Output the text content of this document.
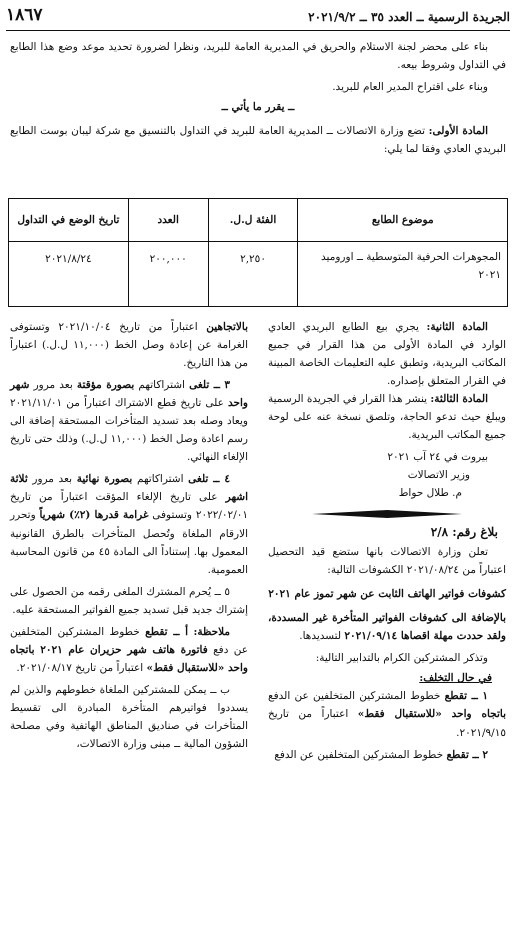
الجريدة الرسمية ــ العدد ٣٥ ــ ٢٠٢١/٩/٢
١٨٦٧

بناء على محضر لجنة الاستلام والحريق في المديرية العامة للبريد، ونظرا لضرورة تحديد موعد وضع هذا الطابع في التداول وشروط بيعه.

وبناء على اقتراح المدير العام للبريد.

ــ يقرر ما يأتي ــ

المادة الأولى: تضع وزارة الاتصالات ــ المديرية العامة للبريد في التداول بالتنسيق مع شركة ليبان بوست الطابع البريدي العادي وفقا لما يلي:

موضوع الطابع	الفئة ل.ل.	العدد	تاريخ الوضع في التداول
المجوهرات الحرفية المتوسطية ــ اوروميد ٢٠٢١	٢,٢٥٠	٢٠٠,٠٠٠	٢٠٢١/٨/٢٤

المادة الثانية: يجري بيع الطابع البريدي العادي الوارد في المادة الأولى من هذا القرار في جميع المكاتب البريدية، وتطبق عليه التعليمات الخاصة المبينة في القرار المتعلق بإصداره.

المادة الثالثة: ينشر هذا القرار في الجريدة الرسمية ويبلغ حيث تدعو الحاجة، وتلصق نسخة عنه على لوحة جميع المكاتب البريدية.

بيروت في ٢٤ آب ٢٠٢١

وزير الاتصالات

م. طلال حواط

بلاغ رقم: ٢/٨

تعلن وزارة الاتصالات بانها ستضع قيد التحصيل اعتباراً من ٢٠٢١/٠٨/٢٤ الكشوفات التالية:

كشوفات فواتير الهاتف الثابت عن شهر تموز عام ٢٠٢١

بالإضافة الى كشوفات الفواتير المتأخرة غير المسددة، ولقد حددت مهلة اقصاها ٢٠٢١/٠٩/١٤ لتسديدها.

وتذكر المشتركين الكرام بالتدابير التالية:

في حال التخلف:

١ ــ تقطع خطوط المشتركين المتخلفين عن الدفع باتجاه واحد «للاستقبال فقط» اعتباراً من تاريخ ٢٠٢١/٩/١٥.

٢ ــ تقطع خطوط المشتركين المتخلفين عن الدفع

بالاتجاهين اعتباراً من تاريخ ٢٠٢١/١٠/٠٤ وتستوفى الغرامة عن إعادة وصل الخط (١١,٠٠٠ ل.ل.) اعتباراً من هذا التاريخ.

٣ ــ تلغى اشتراكاتهم بصورة مؤقتة بعد مرور شهر واحد على تاريخ قطع الاشتراك اعتباراً من ٢٠٢١/١١/٠١ ويعاد وصله بعد تسديد المتأخرات المستحقة إضافة الى رسم اعادة وصل الخط (١١,٠٠٠ ل.ل.) وذلك حتى تاريخ الإلغاء النهائي.

٤ ــ تلغى اشتراكاتهم بصورة نهائية بعد مرور ثلاثة اشهر على تاريخ الإلغاء المؤقت اعتباراً من تاريخ ٢٠٢٢/٠٢/٠١ وتستوفى غرامة قدرها (٢٪) شهرياً وتحرر الارقام الملغاة وتُحصل المتأخرات بالطرق القانونية المعمول بها. إستناداً الى المادة ٤٥ من قانون المحاسبة العمومية.

٥ ــ يُحرم المشترك الملغى رقمه من الحصول على إشتراك جديد قبل تسديد جميع الفواتير المستحقة عليه.

ملاحظة: أ ــ تقطع خطوط المشتركين المتخلفين عن دفع فاتورة هاتف شهر حزيران عام ٢٠٢١ باتجاه واحد «للاستقبال فقط» اعتباراً من تاريخ ٢٠٢١/٠٨/١٧.

ب ــ يمكن للمشتركين الملغاة خطوطهم والذين لم يسددوا فواتيرهم المتأخرة المبادرة الى تقسيط المتأخرات في صناديق المناطق الهاتفية وفي مصلحة الشؤون المالية ــ مبنى وزارة الاتصالات،
